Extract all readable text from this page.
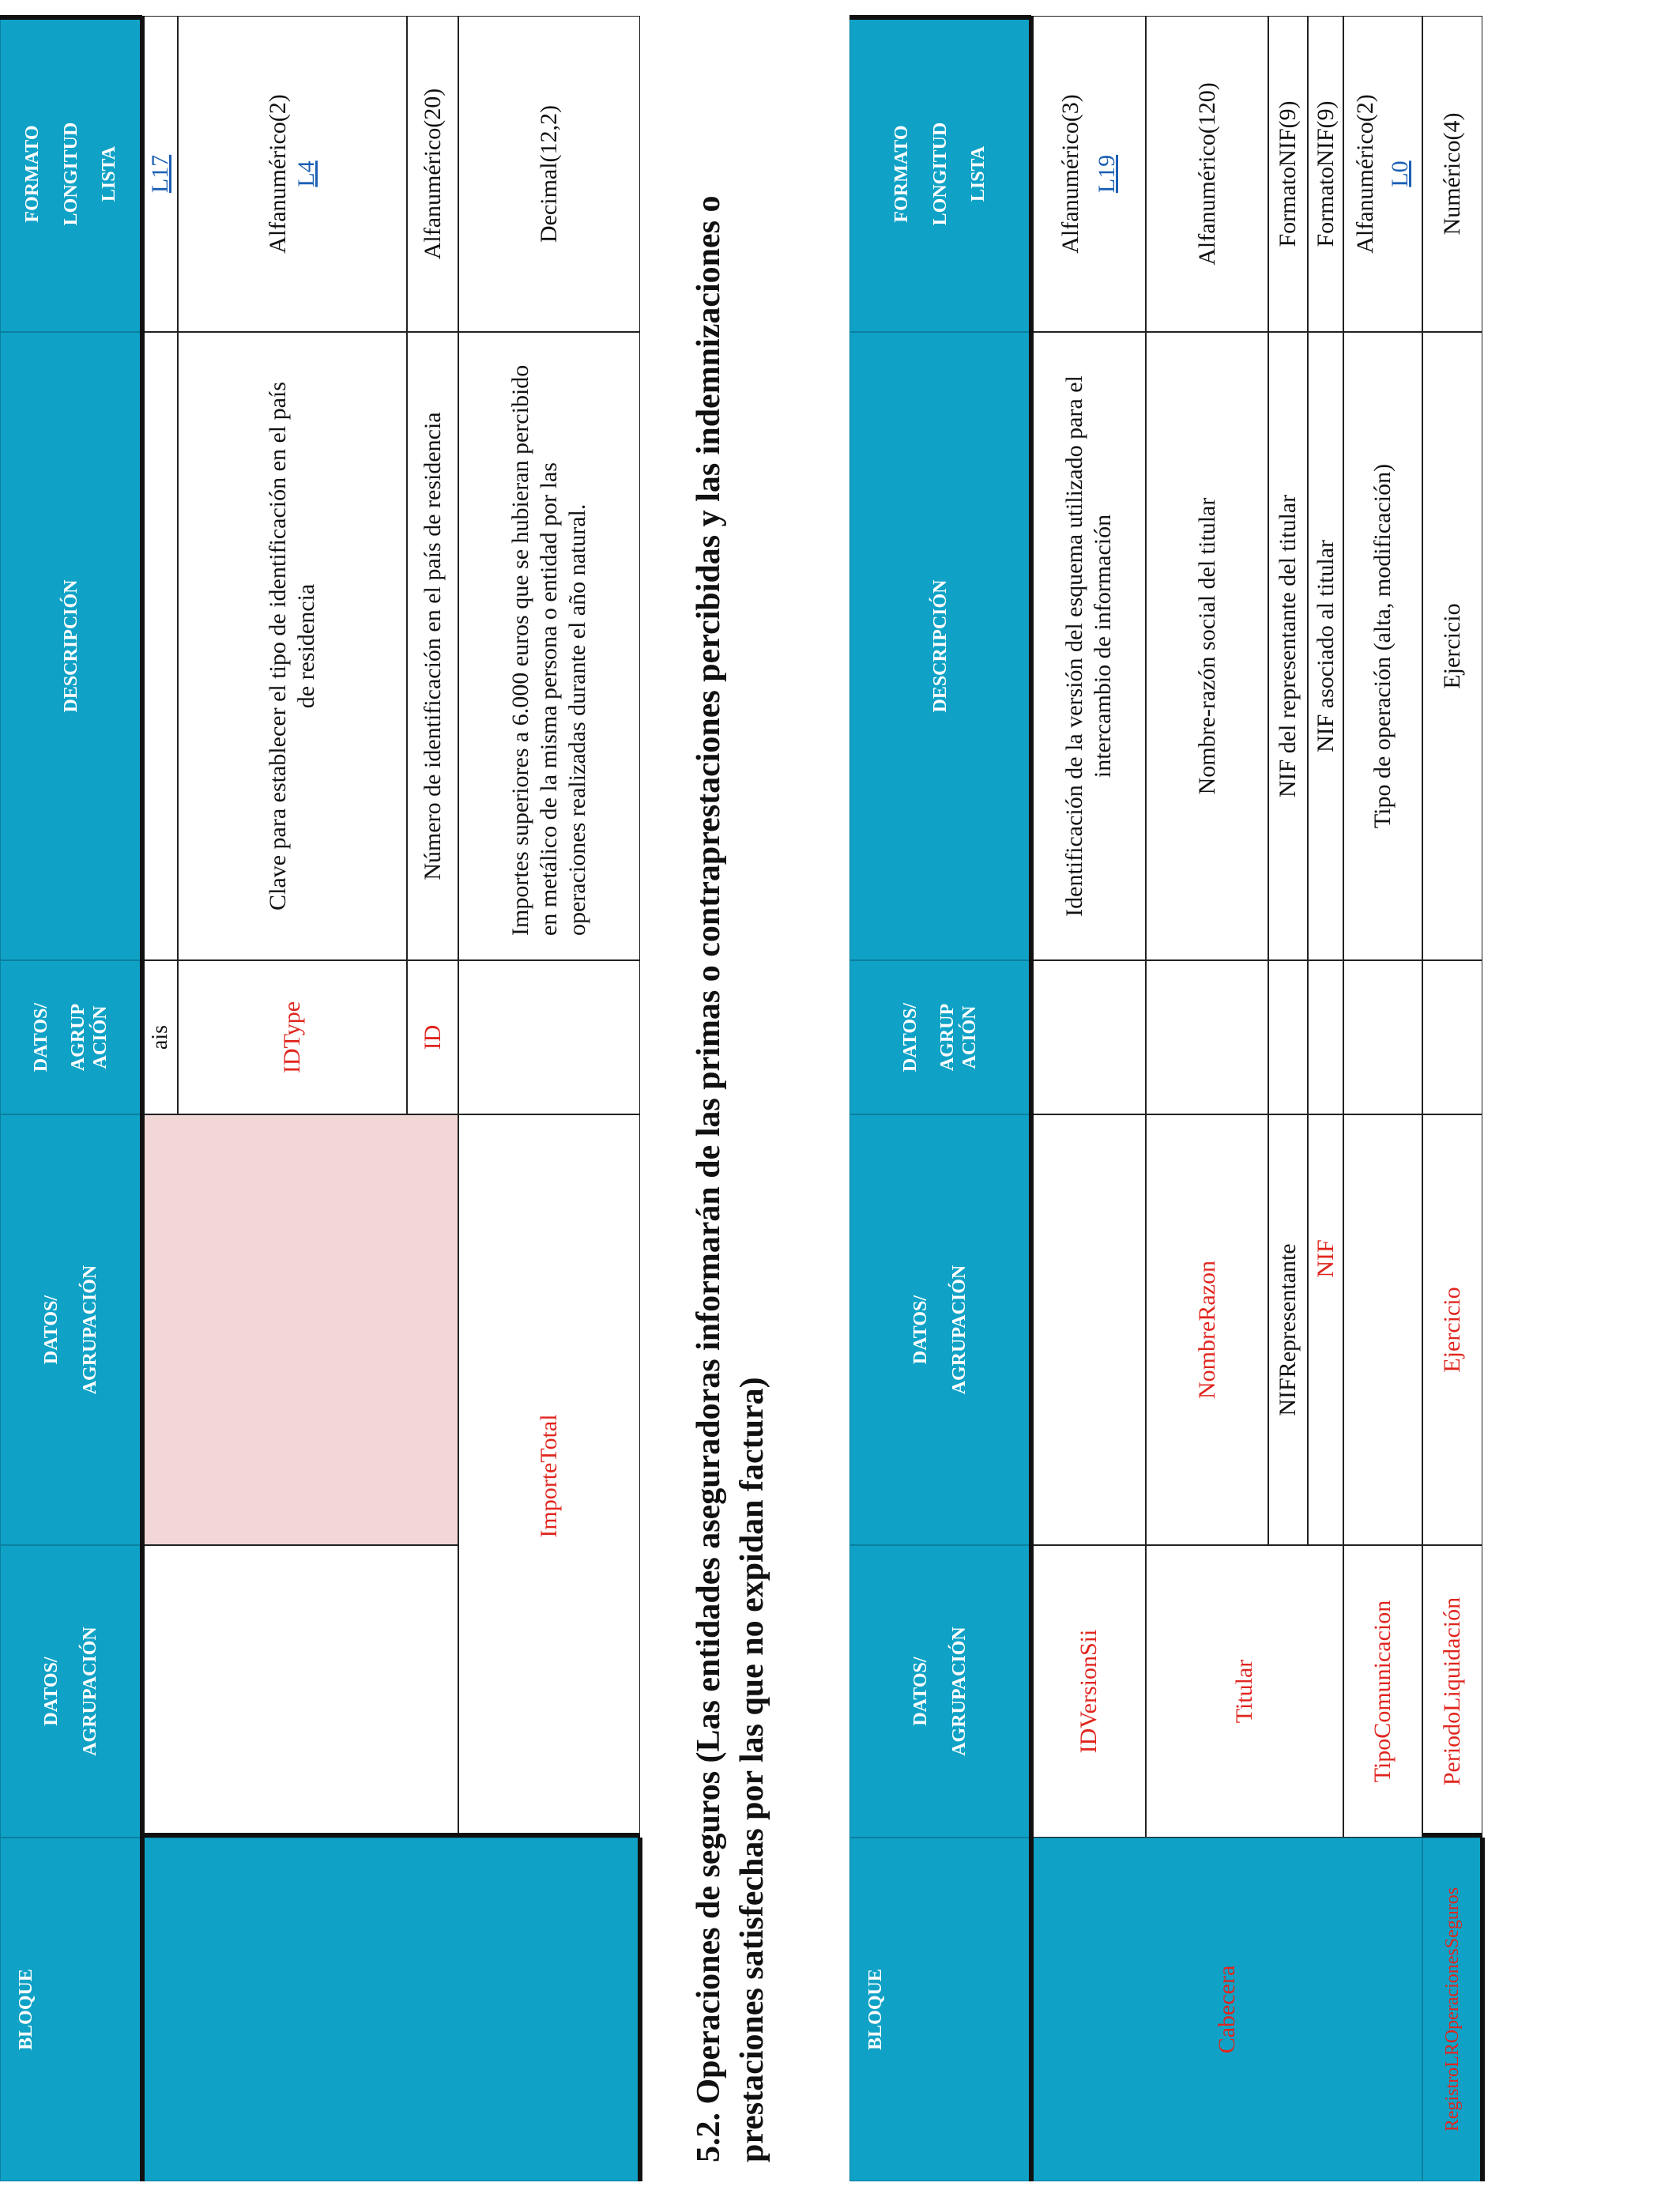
BLOQUE
DATOS/ AGRUPACIÓN
DATOS/ AGRUPACIÓN
DATOS/ AGRUP ACIÓN
DESCRIPCIÓN
FORMATO LONGITUD LISTA
ais
L17
IDType
Clave para establecer el tipo de identificación en el país de residencia
Alfanumérico(2) L4
ID
Número de identificación en el país de residencia
Alfanumérico(20)
ImporteTotal
Importes superiores a 6.000 euros que se hubieran percibido en metálico de la misma persona o entidad por las operaciones realizadas durante el año natural.
Decimal(12,2)
5.2. Operaciones de seguros (Las entidades aseguradoras informarán de las primas o contraprestaciones percibidas y las indemnizaciones o prestaciones satisfechas por las que no expidan factura)	BLOQUE
DATOS/ AGRUPACIÓN
DATOS/ AGRUPACIÓN
DATOS/ AGRUP ACIÓN
DESCRIPCIÓN
FORMATO LONGITUD LISTA
Cabecera	RegistroLROperacionesSeguros
IDVersionSii
Identificación de la versión del esquema utilizado para el intercambio de información
Alfanumérico(3) L19
Titular
NombreRazon
Nombre-razón social del titular
Alfanumérico(120)
NIFRepresentante
NIF del representante del titular
FormatoNIF(9)
NIF
NIF asociado al titular
FormatoNIF(9)
TipoComunicacion
Tipo de operación (alta, modificación)
Alfanumérico(2) L0
PeriodoLiquidación
Ejercicio
Ejercicio
Numérico(4)
